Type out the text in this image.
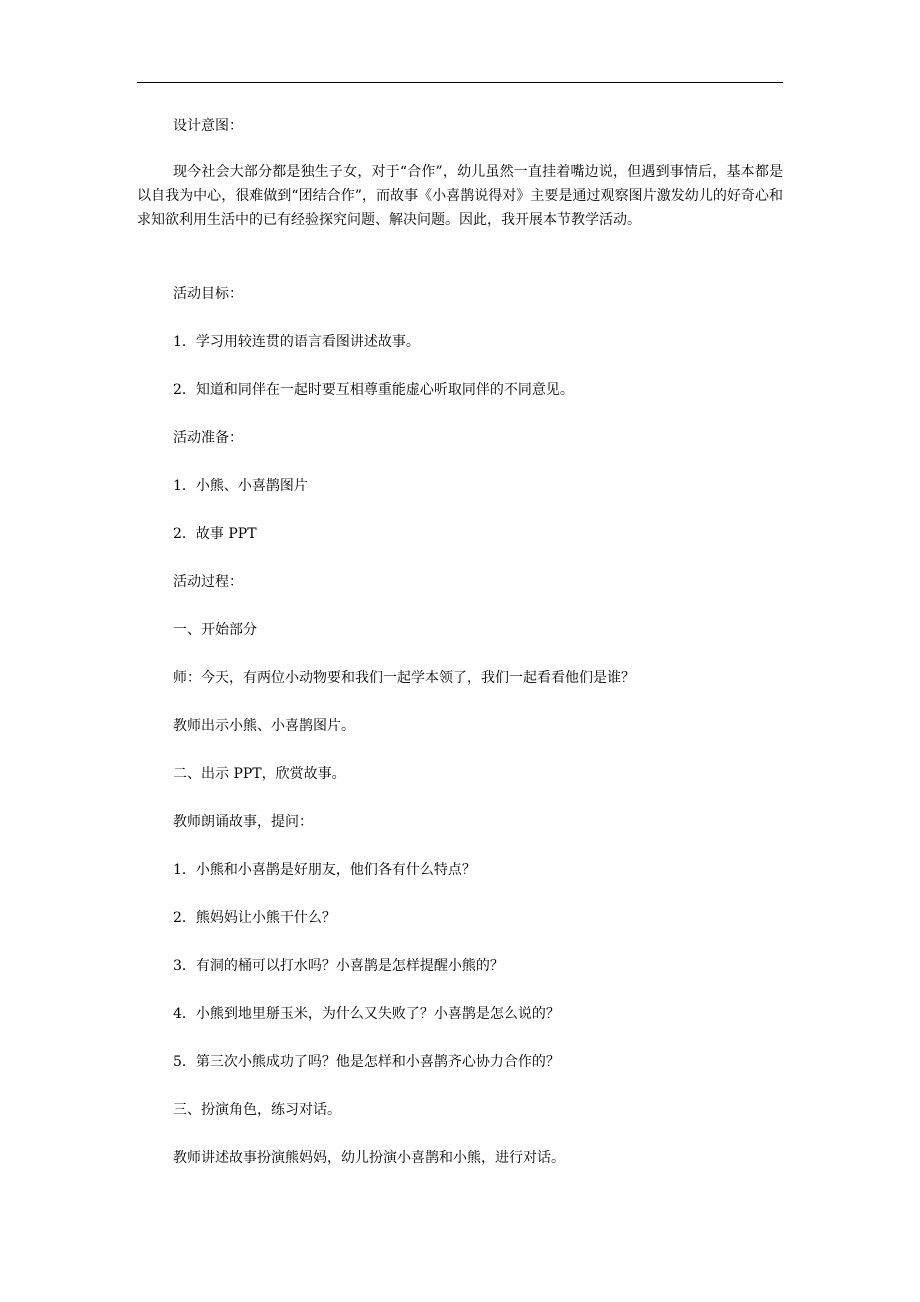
设计意图：

现今社会大部分都是独生子女，对于“合作”，幼儿虽然一直挂着嘴边说，但遇到事情后，基本都是以自我为中心，很难做到“团结合作”，而故事《小喜鹊说得对》主要是通过观察图片激发幼儿的好奇心和求知欲利用生活中的已有经验探究问题、解决问题。因此，我开展本节教学活动。

活动目标：

1．学习用较连贯的语言看图讲述故事。

2．知道和同伴在一起时要互相尊重能虚心听取同伴的不同意见。

活动准备：

1．小熊、小喜鹊图片

2．故事 PPT

活动过程：

一、开始部分

师：今天，有两位小动物要和我们一起学本领了，我们一起看看他们是谁？

教师出示小熊、小喜鹊图片。

二、出示 PPT，欣赏故事。

教师朗诵故事，提问：

1．小熊和小喜鹊是好朋友，他们各有什么特点？

2．熊妈妈让小熊干什么？

3．有洞的桶可以打水吗？小喜鹊是怎样提醒小熊的？

4．小熊到地里掰玉米，为什么又失败了？小喜鹊是怎么说的？

5．第三次小熊成功了吗？他是怎样和小喜鹊齐心协力合作的？

三、扮演角色，练习对话。

教师讲述故事扮演熊妈妈，幼儿扮演小喜鹊和小熊，进行对话。
